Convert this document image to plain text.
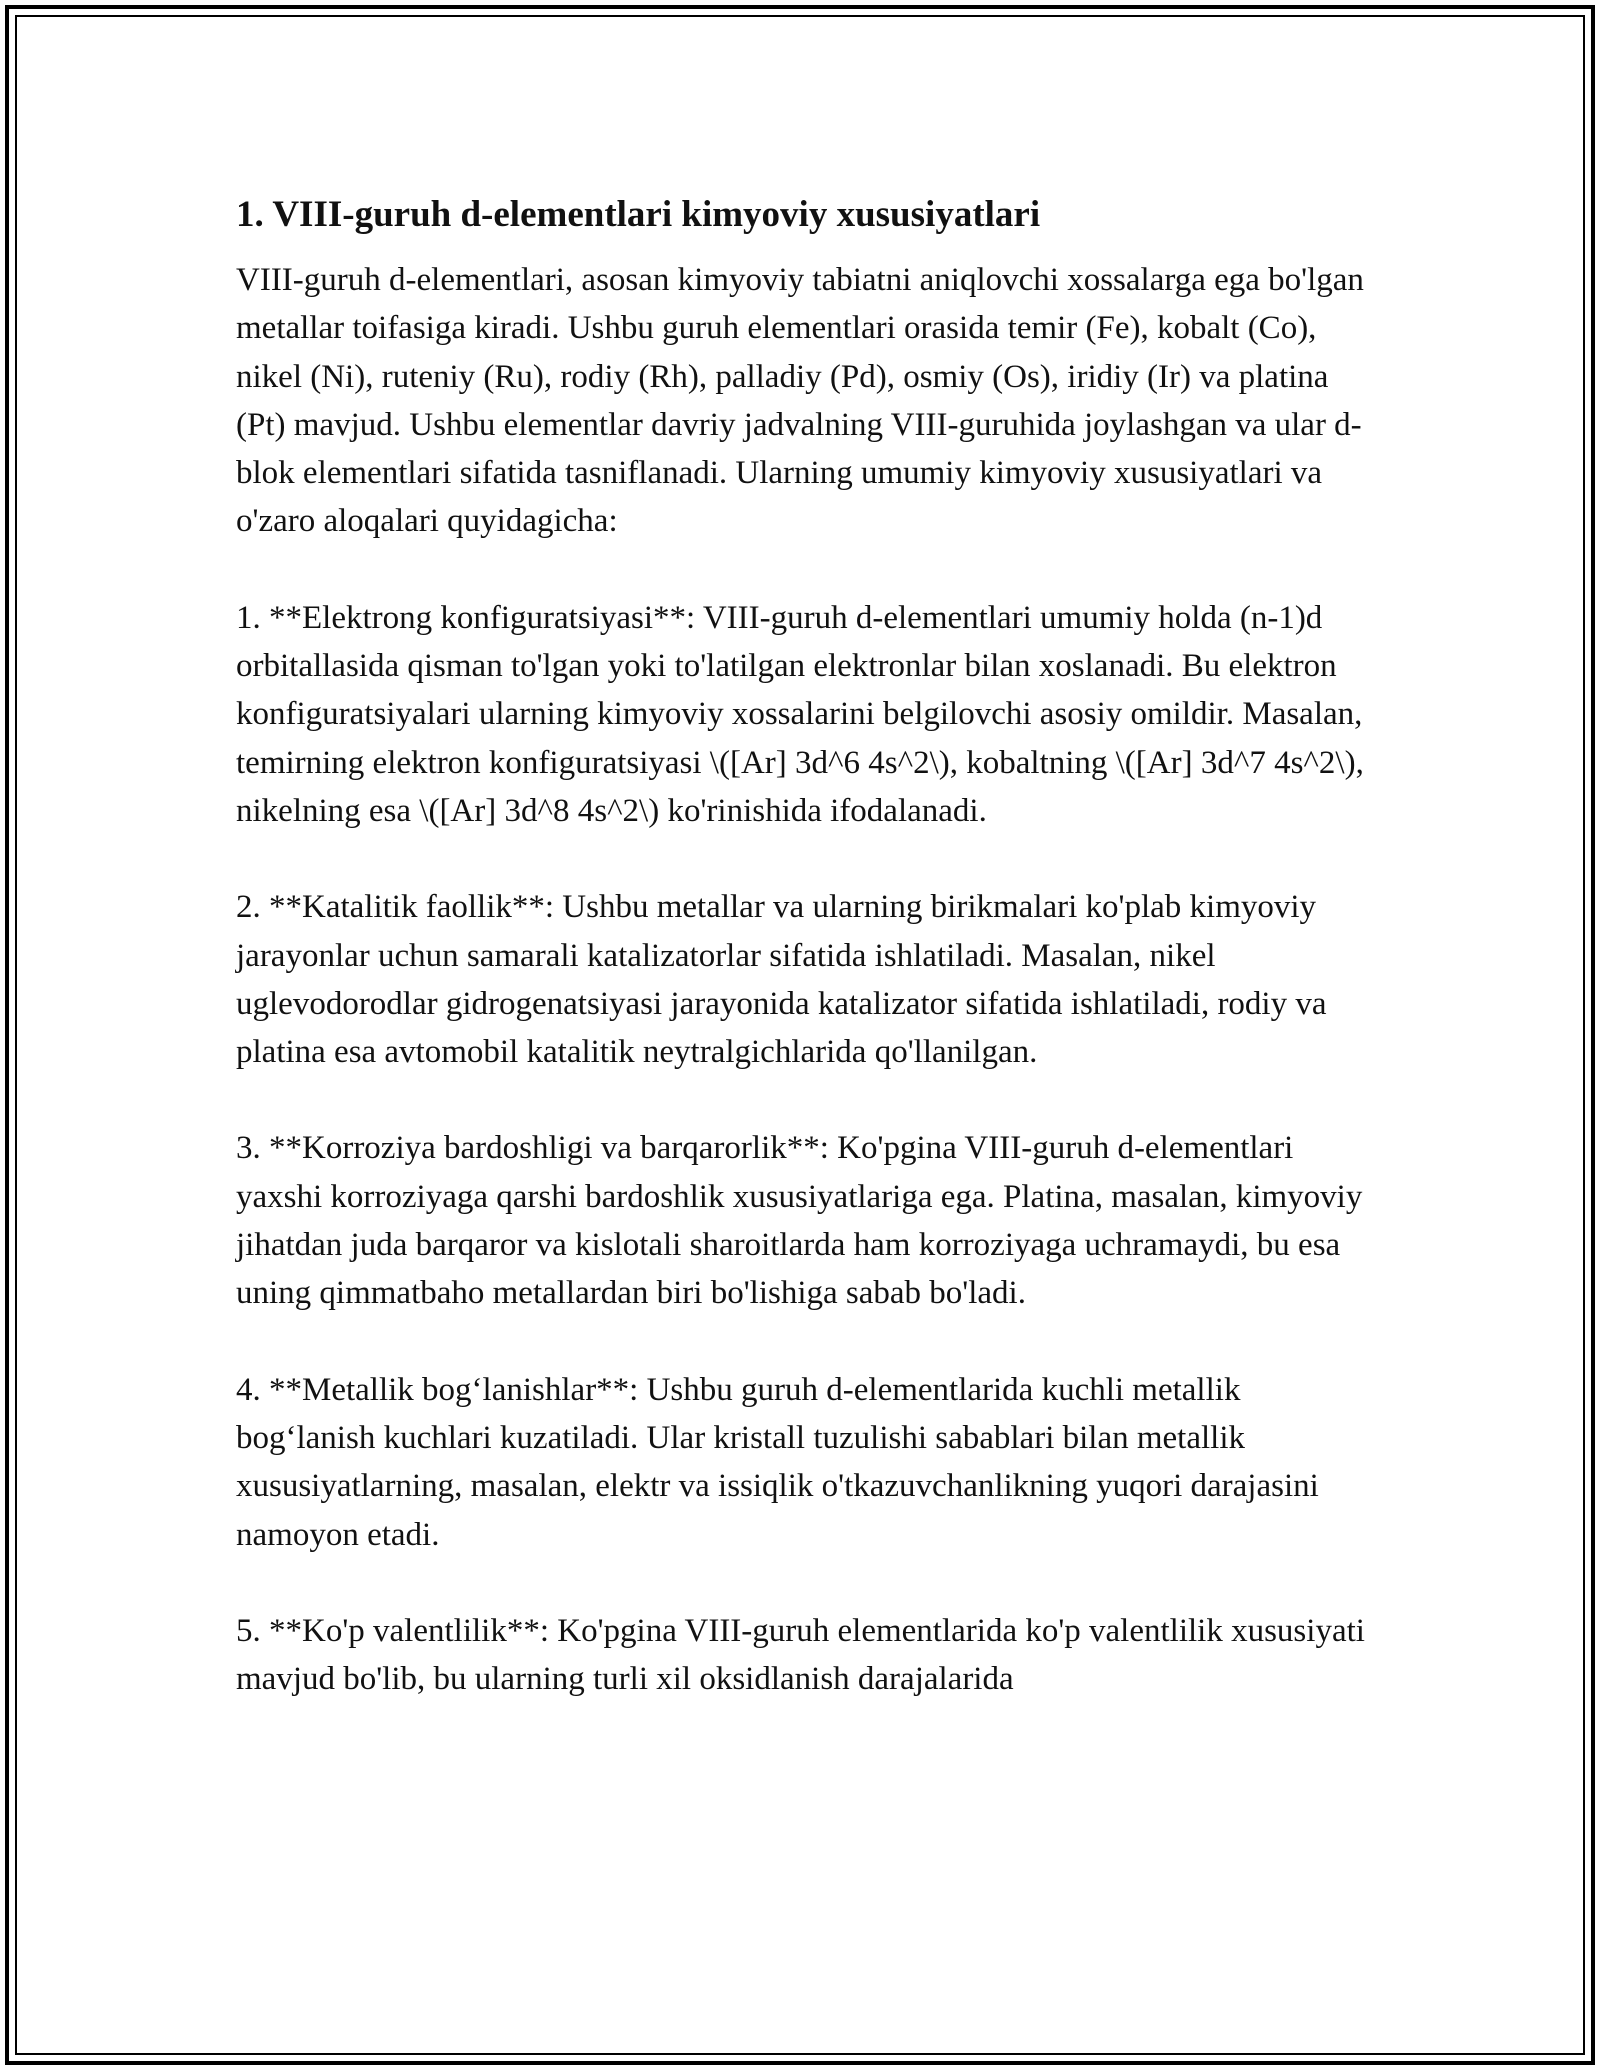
1. VIII-guruh d-elementlari kimyoviy xususiyatlari

VIII-guruh d-elementlari, asosan kimyoviy tabiatni aniqlovchi xossalarga ega bo'lgan metallar toifasiga kiradi. Ushbu guruh elementlari orasida temir (Fe), kobalt (Co), nikel (Ni), ruteniy (Ru), rodiy (Rh), palladiy (Pd), osmiy (Os), iridiy (Ir) va platina (Pt) mavjud. Ushbu elementlar davriy jadvalning VIII-guruhida joylashgan va ular d-blok elementlari sifatida tasniflanadi. Ularning umumiy kimyoviy xususiyatlari va o'zaro aloqalari quyidagicha:

1. **Elektrong konfiguratsiyasi**: VIII-guruh d-elementlari umumiy holda (n-1)d orbitallasida qisman to'lgan yoki to'latilgan elektronlar bilan xoslanadi. Bu elektron konfiguratsiyalari ularning kimyoviy xossalarini belgilovchi asosiy omildir. Masalan, temirning elektron konfiguratsiyasi \([Ar] 3d^6 4s^2\), kobaltning \([Ar] 3d^7 4s^2\), nikelning esa \([Ar] 3d^8 4s^2\) ko'rinishida ifodalanadi.

2. **Katalitik faollik**: Ushbu metallar va ularning birikmalari ko'plab kimyoviy jarayonlar uchun samarali katalizatorlar sifatida ishlatiladi. Masalan, nikel uglevodorodlar gidrogenatsiyasi jarayonida katalizator sifatida ishlatiladi, rodiy va platina esa avtomobil katalitik neytralgichlarida qo'llanilgan.

3. **Korroziya bardoshligi va barqarorlik**: Ko'pgina VIII-guruh d-elementlari yaxshi korroziyaga qarshi bardoshlik xususiyatlariga ega. Platina, masalan, kimyoviy jihatdan juda barqaror va kislotali sharoitlarda ham korroziyaga uchramaydi, bu esa uning qimmatbaho metallardan biri bo'lishiga sabab bo'ladi.

4. **Metallik bog‘lanishlar**: Ushbu guruh d-elementlarida kuchli metallik bog‘lanish kuchlari kuzatiladi. Ular kristall tuzulishi sabablari bilan metallik xususiyatlarning, masalan, elektr va issiqlik o'tkazuvchanlikning yuqori darajasini namoyon etadi.

5. **Ko'p valentlilik**: Ko'pgina VIII-guruh elementlarida ko'p valentlilik xususiyati mavjud bo'lib, bu ularning turli xil oksidlanish darajalarida
